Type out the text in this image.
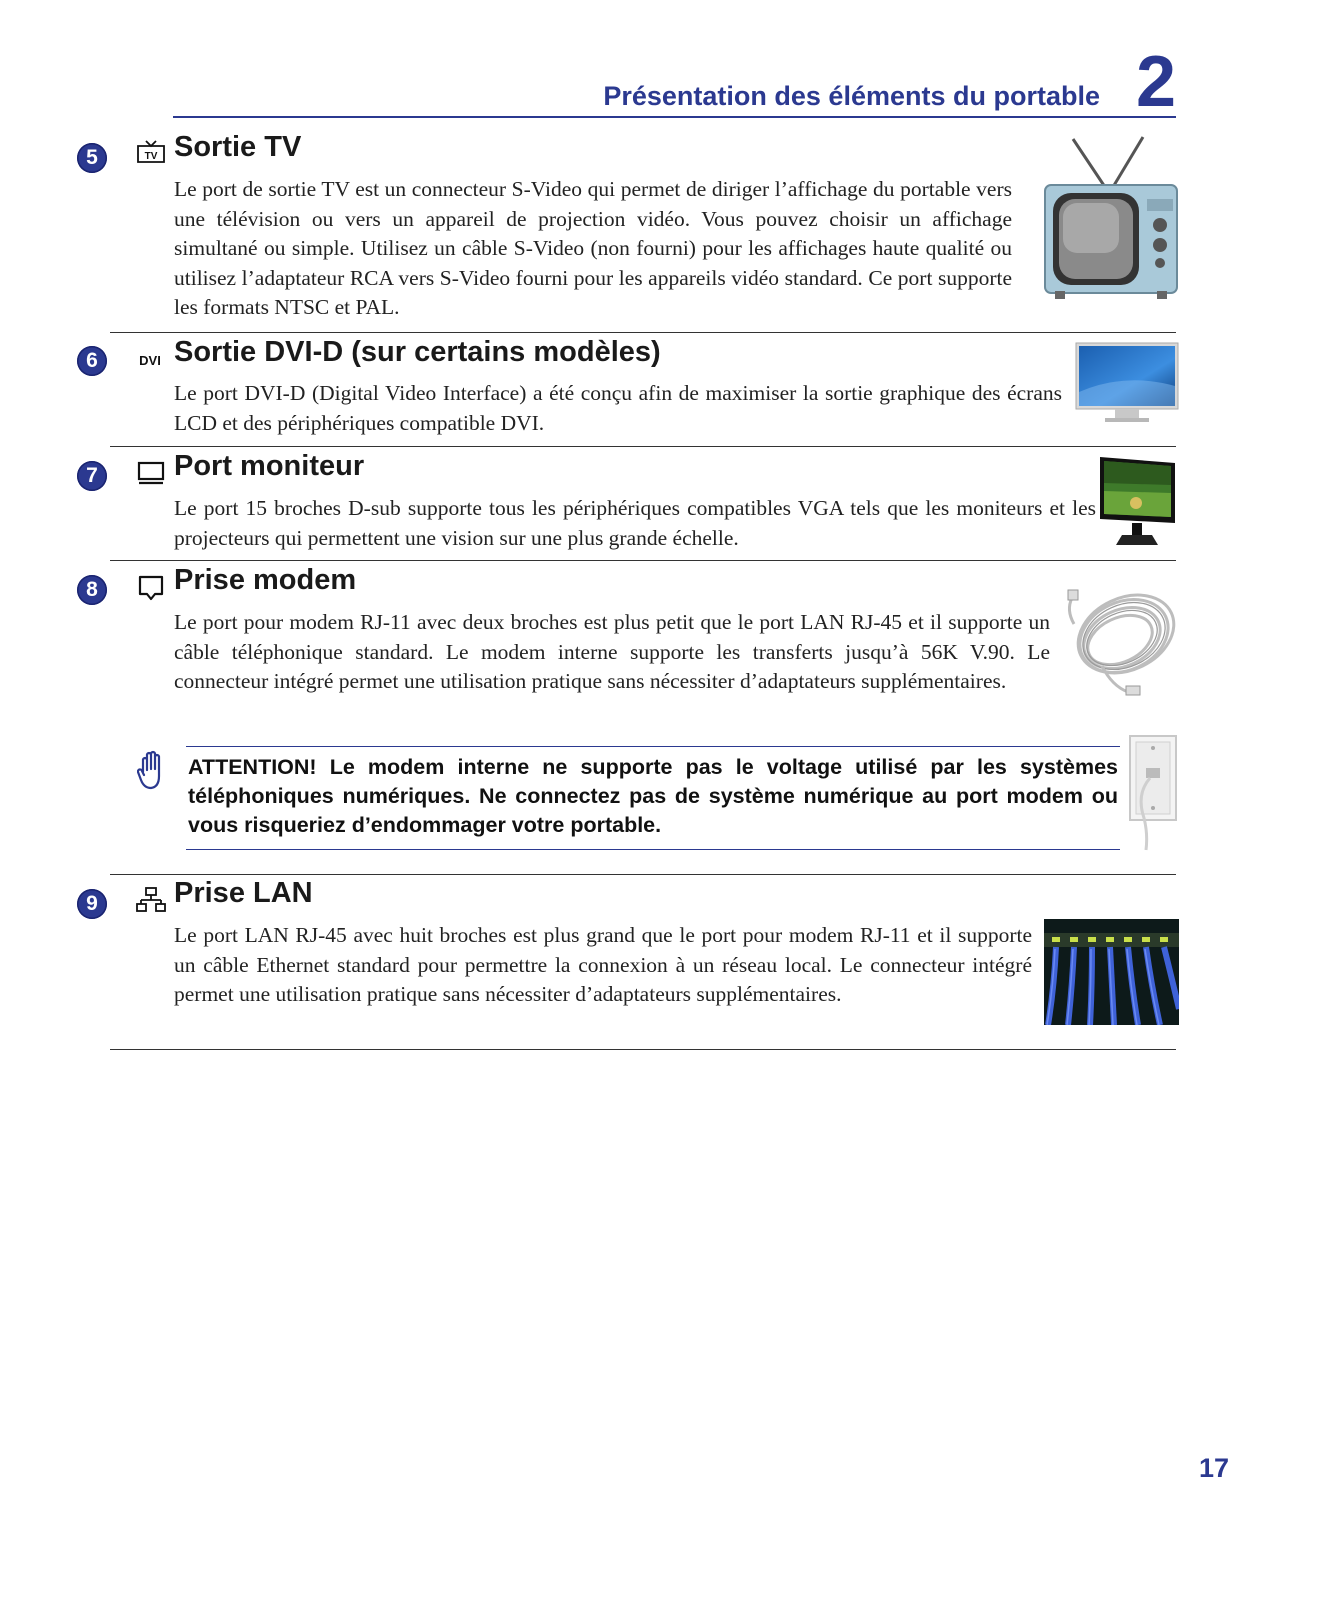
Présentation des éléments du portable 2
5	TV Sortie TV
Le port de sortie TV est un connecteur S-Video qui permet de diriger l’affichage du portable vers une télévision ou vers un appareil de projection vidéo. Vous pouvez choisir un affichage simultané ou simple. Utilisez un câble S-Video (non fourni) pour les affichages haute qualité ou utilisez l’adaptateur RCA vers S-Video fourni pour les appareils vidéo standard. Ce port supporte les formats NTSC et PAL.
6	DVI Sortie DVI-D (sur certains modèles)
Le port DVI-D (Digital Video Interface) a été conçu afin de maximiser la sortie graphique des écrans LCD et des périphériques compatible DVI.
7	Port moniteur
Le port 15 broches D-sub supporte tous les périphériques compatibles VGA tels que les moniteurs et les projecteurs qui permettent une vision sur une plus grande échelle.
8	Prise modem
Le port pour modem RJ-11 avec deux broches est plus petit que le port LAN RJ-45 et il supporte un câble téléphonique standard. Le modem interne supporte les transferts jusqu’à 56K V.90. Le connecteur intégré permet une utilisation pratique sans nécessiter d’adaptateurs supplémentaires.
ATTENTION! Le modem interne ne supporte pas le voltage utilisé par les systèmes téléphoniques numériques. Ne connectez pas de système numérique au port modem ou vous risqueriez d’endommager votre portable.
9	Prise LAN
Le port LAN RJ-45 avec huit broches est plus grand que le port pour modem RJ-11 et il supporte un câble Ethernet standard pour permettre la connexion à un réseau local. Le connecteur intégré permet une utilisation pratique sans nécessiter d’adaptateurs supplémentaires.
17
